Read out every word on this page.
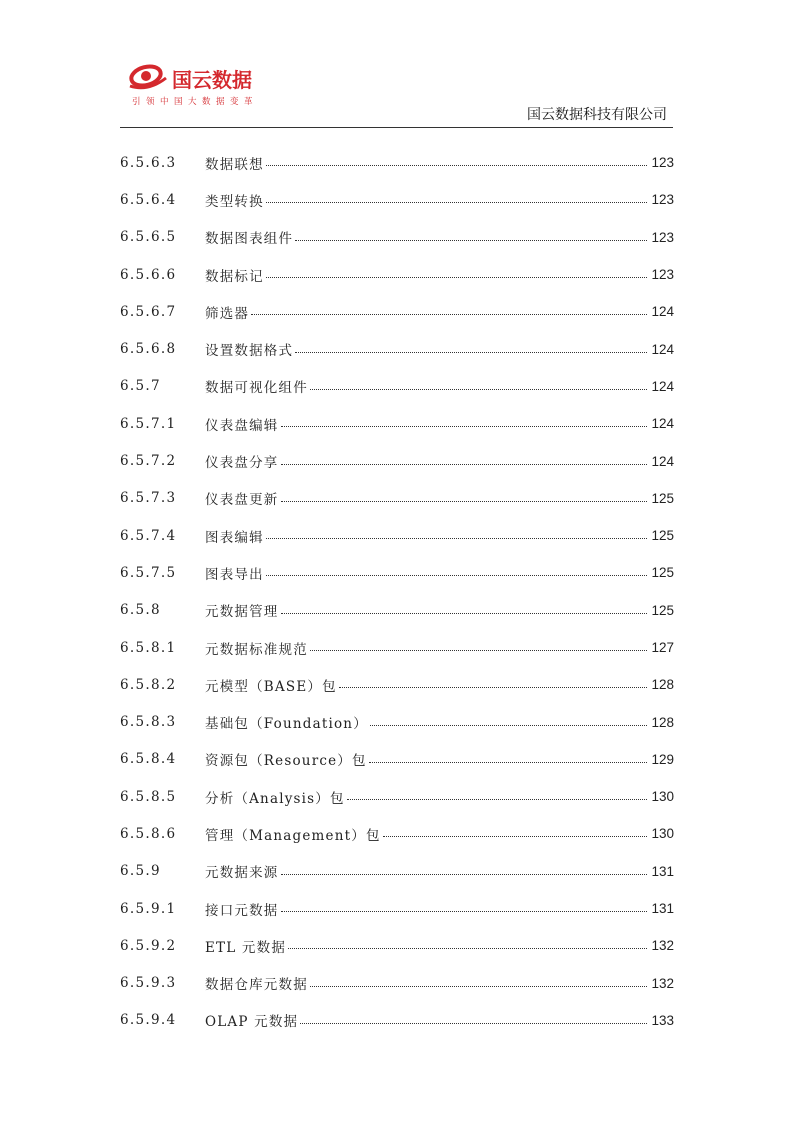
国云数据
引领中国大数据变革
国云数据科技有限公司
6.5.6.3	数据联想	123
6.5.6.4	类型转换	123
6.5.6.5	数据图表组件	123
6.5.6.6	数据标记	123
6.5.6.7	筛选器	124
6.5.6.8	设置数据格式	124
6.5.7	数据可视化组件	124
6.5.7.1	仪表盘编辑	124
6.5.7.2	仪表盘分享	124
6.5.7.3	仪表盘更新	125
6.5.7.4	图表编辑	125
6.5.7.5	图表导出	125
6.5.8	元数据管理	125
6.5.8.1	元数据标准规范	127
6.5.8.2	元模型（BASE）包	128
6.5.8.3	基础包（Foundation）	128
6.5.8.4	资源包（Resource）包	129
6.5.8.5	分析（Analysis）包	130
6.5.8.6	管理（Management）包	130
6.5.9	元数据来源	131
6.5.9.1	接口元数据	131
6.5.9.2	ETL 元数据	132
6.5.9.3	数据仓库元数据	132
6.5.9.4	OLAP 元数据	133
